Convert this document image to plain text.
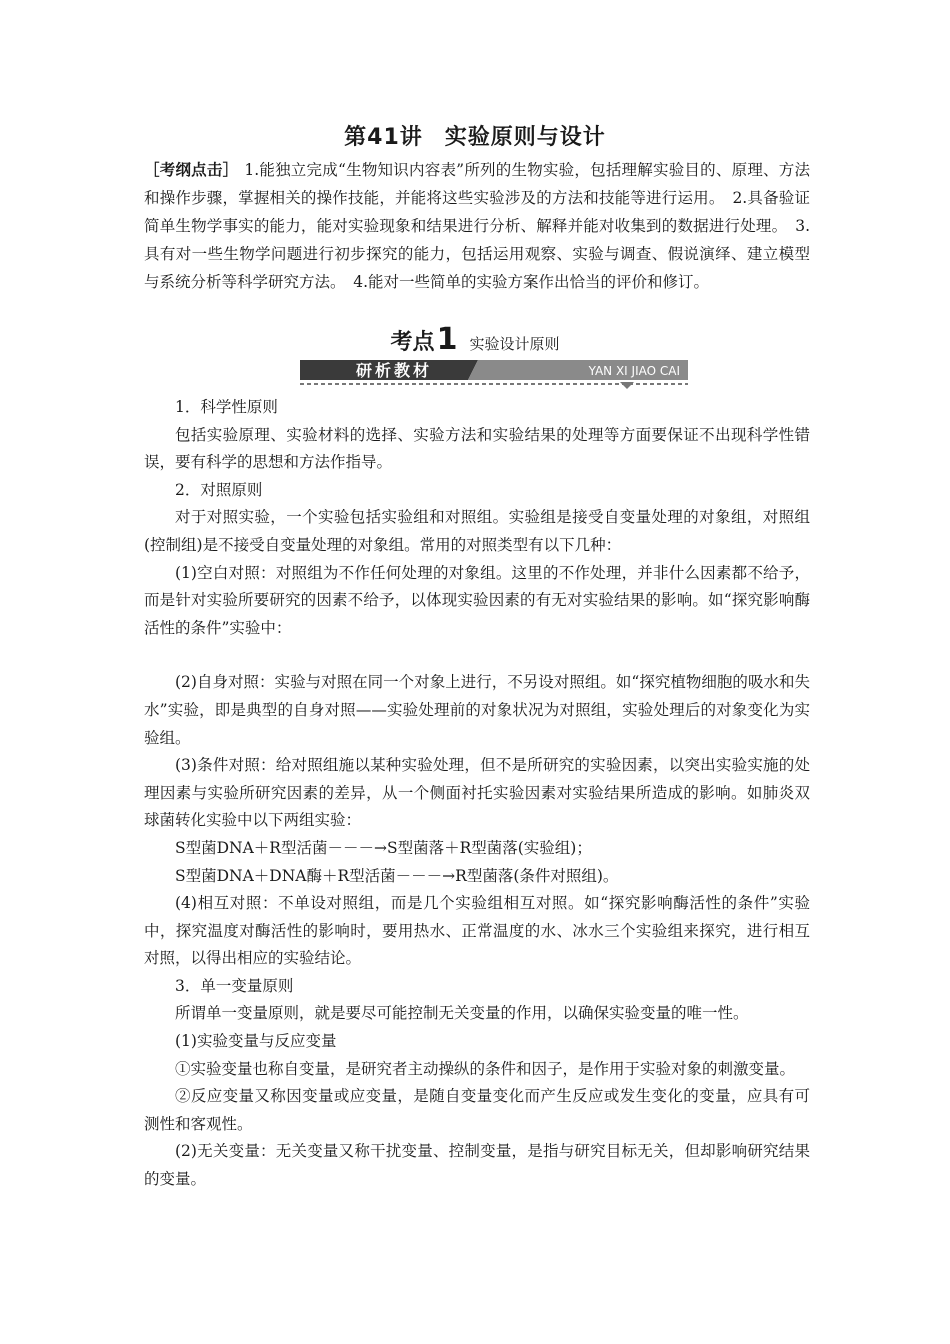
第41讲 实验原则与设计
［考纲点击］ 1.能独立完成“生物知识内容表”所列的生物实验，包括理解实验目的、原理、方法和操作步骤，掌握相关的操作技能，并能将这些实验涉及的方法和技能等进行运用。　2.具备验证简单生物学事实的能力，能对实验现象和结果进行分析、解释并能对收集到的数据进行处理。　3.具有对一些生物学问题进行初步探究的能力，包括运用观察、实验与调查、假说演绎、建立模型与系统分析等科学研究方法。　4.能对一些简单的实验方案作出恰当的评价和修订。
考点1 实验设计原则
研析教材	YAN XI JIAO CAI

1．科学性原则

包括实验原理、实验材料的选择、实验方法和实验结果的处理等方面要保证不出现科学性错误，要有科学的思想和方法作指导。

2．对照原则

对于对照实验，一个实验包括实验组和对照组。实验组是接受自变量处理的对象组，对照组(控制组)是不接受自变量处理的对象组。常用的对照类型有以下几种：

(1)空白对照：对照组为不作任何处理的对象组。这里的不作处理，并非什么因素都不给予，而是针对实验所要研究的因素不给予，以体现实验因素的有无对实验结果的影响。如“探究影响酶活性的条件”实验中：

(2)自身对照：实验与对照在同一个对象上进行，不另设对照组。如“探究植物细胞的吸水和失水”实验，即是典型的自身对照——实验处理前的对象状况为对照组，实验处理后的对象变化为实验组。

(3)条件对照：给对照组施以某种实验处理，但不是所研究的实验因素，以突出实验实施的处理因素与实验所研究因素的差异，从一个侧面衬托实验因素对实验结果所造成的影响。如肺炎双球菌转化实验中以下两组实验：

S型菌DNA＋R型活菌－－－→S型菌落＋R型菌落(实验组)；

S型菌DNA＋DNA酶＋R型活菌－－－→R型菌落(条件对照组)。

(4)相互对照：不单设对照组，而是几个实验组相互对照。如“探究影响酶活性的条件”实验中，探究温度对酶活性的影响时，要用热水、正常温度的水、冰水三个实验组来探究，进行相互对照，以得出相应的实验结论。

3．单一变量原则

所谓单一变量原则，就是要尽可能控制无关变量的作用，以确保实验变量的唯一性。

(1)实验变量与反应变量

①实验变量也称自变量，是研究者主动操纵的条件和因子，是作用于实验对象的刺激变量。

②反应变量又称因变量或应变量，是随自变量变化而产生反应或发生变化的变量，应具有可测性和客观性。

(2)无关变量：无关变量又称干扰变量、控制变量，是指与研究目标无关，但却影响研究结果的变量。
